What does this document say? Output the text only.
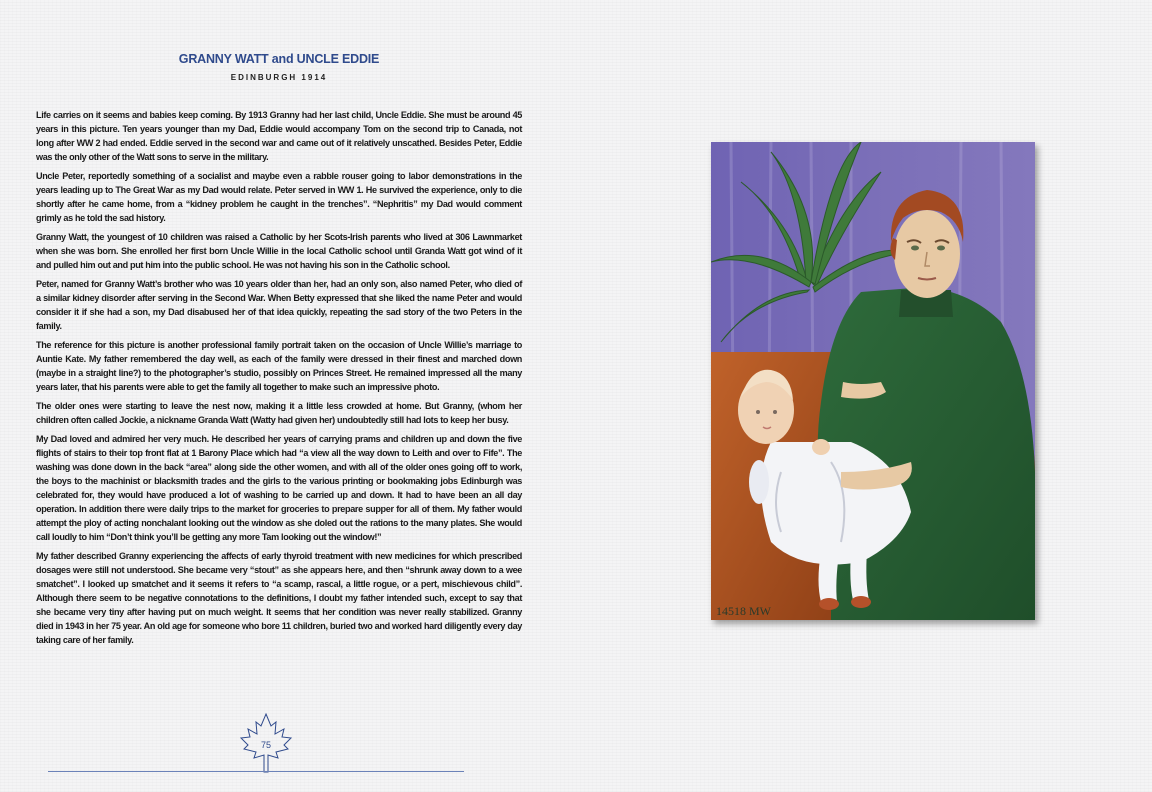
GRANNY WATT and UNCLE EDDIE
EDINBURGH 1914

Life carries on it seems and babies keep coming. By 1913 Granny had her last child, Uncle Eddie. She must be around 45 years in this picture. Ten years younger than my Dad, Eddie would accompany Tom on the second trip to Canada, not long after WW 2 had ended. Eddie served in the second war and came out of it relatively unscathed. Besides Peter, Eddie was the only other of the Watt sons to serve in the military.

Uncle Peter, reportedly something of a socialist and maybe even a rabble rouser going to labor demonstrations in the years leading up to The Great War as my Dad would relate. Peter served in WW 1. He survived the experience, only to die shortly after he came home, from a “kidney problem he caught in the trenches”. “Nephritis” my Dad would comment grimly as he told the sad history.

Granny Watt, the youngest of 10 children was raised a Catholic by her Scots-Irish parents who lived at 306 Lawnmarket when she was born. She enrolled her first born Uncle Willie in the local Catholic school until Granda Watt got wind of it and pulled him out and put him into the public school. He was not having his son in the Catholic school.

Peter, named for Granny Watt’s brother who was 10 years older than her, had an only son, also named Peter, who died of a similar kidney disorder after serving in the Second War. When Betty expressed that she liked the name Peter and would consider it if she had a son, my Dad disabused her of that idea quickly, repeating the sad story of the two Peters in the family.

The reference for this picture is another professional family portrait taken on the occasion of Uncle Willie’s marriage to Auntie Kate. My father remembered the day well, as each of the family were dressed in their finest and marched down (maybe in a straight line?) to the photographer’s studio, possibly on Princes Street. He remained impressed all the many years later, that his parents were able to get the family all together to make such an impressive photo.

The older ones were starting to leave the nest now, making it a little less crowded at home. But Granny, (whom her children often called Jockie, a nickname Granda Watt (Watty had given her) undoubtedly still had lots to keep her busy.

My Dad loved and admired her very much. He described her years of carrying prams and children up and down the five flights of stairs to their top front flat at 1 Barony Place which had “a view all the way down to Leith and over to Fife”. The washing was done down in the back “area” along side the other women, and with all of the older ones going off to work, the boys to the machinist or blacksmith trades and the girls to the various printing or bookmaking jobs Edinburgh was celebrated for, they would have produced a lot of washing to be carried up and down. It had to have been an all day operation. In addition there were daily trips to the market for groceries to prepare supper for all of them. My father would attempt the ploy of acting nonchalant looking out the window as she doled out the rations to the many plates. She would call loudly to him “Don’t think you’ll be getting any more Tam looking out the window!”

My father described Granny experiencing the affects of early thyroid treatment with new medicines for which prescribed dosages were still not understood. She became very “stout” as she appears here, and then “shrunk away down to a wee smatchet”. I looked up smatchet and it seems it refers to “a scamp, rascal, a little rogue, or a pert, mischievous child”. Although there seem to be negative connotations to the definitions, I doubt my father intended such, except to say that she became very tiny after having put on much weight. It seems that her condition was never really stabilized. Granny died in 1943 in her 75 year. An old age for someone who bore 11 children, buried two and worked hard diligently every day taking care of her family.

75
14518 MW
